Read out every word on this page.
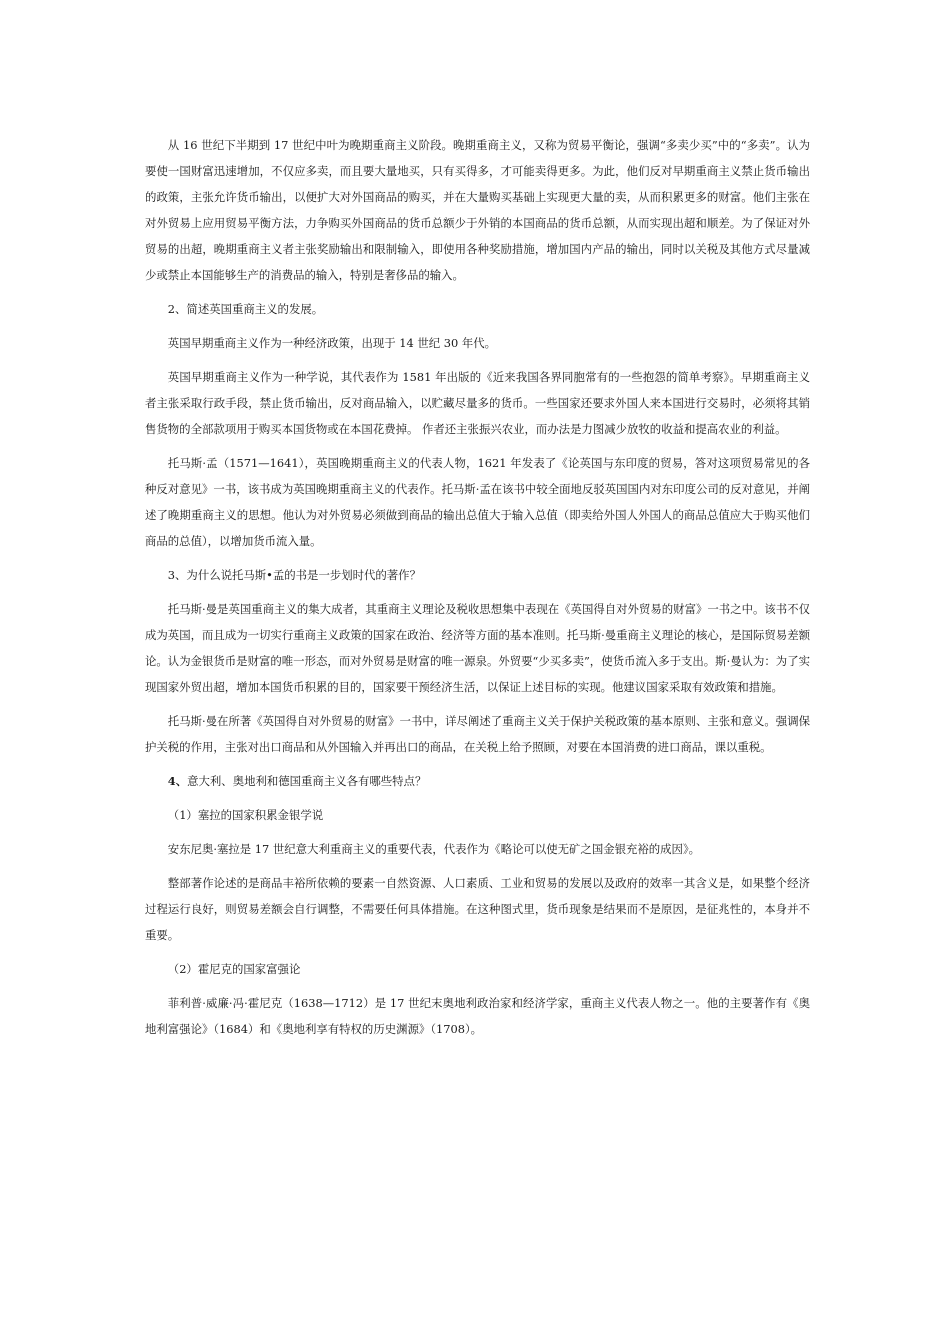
从 16 世纪下半期到 17 世纪中叶为晚期重商主义阶段。晚期重商主义，又称为贸易平衡论，强调“多卖少买”中的“多卖”。认为要使一国财富迅速增加，不仅应多卖，而且要大量地买，只有买得多，才可能卖得更多。为此，他们反对早期重商主义禁止货币输出的政策，主张允许货币输出，以便扩大对外国商品的购买，并在大量购买基础上实现更大量的卖，从而积累更多的财富。他们主张在对外贸易上应用贸易平衡方法，力争购买外国商品的货币总额少于外销的本国商品的货币总额，从而实现出超和顺差。为了保证对外贸易的出超，晚期重商主义者主张奖励输出和限制输入，即使用各种奖励措施，增加国内产品的输出，同时以关税及其他方式尽量减少或禁止本国能够生产的消费品的输入，特别是奢侈品的输入。

2、简述英国重商主义的发展。

英国早期重商主义作为一种经济政策，出现于 14 世纪 30 年代。

英国早期重商主义作为一种学说，其代表作为 1581 年出版的《近来我国各界同胞常有的一些抱怨的简单考察》。早期重商主义者主张采取行政手段，禁止货币输出，反对商品输入，以贮藏尽量多的货币。一些国家还要求外国人来本国进行交易时，必须将其销售货物的全部款项用于购买本国货物或在本国花费掉。 作者还主张振兴农业，而办法是力图减少放牧的收益和提高农业的利益。

托马斯·孟（1571—1641），英国晚期重商主义的代表人物，1621 年发表了《论英国与东印度的贸易，答对这项贸易常见的各种反对意见》一书，该书成为英国晚期重商主义的代表作。托马斯·孟在该书中较全面地反驳英国国内对东印度公司的反对意见，并阐述了晚期重商主义的思想。他认为对外贸易必须做到商品的输出总值大于输入总值（即卖给外国人外国人的商品总值应大于购买他们商品的总值），以增加货币流入量。

3、为什么说托马斯•孟的书是一步划时代的著作？

托马斯·曼是英国重商主义的集大成者，其重商主义理论及税收思想集中表现在《英国得自对外贸易的财富》一书之中。该书不仅成为英国，而且成为一切实行重商主义政策的国家在政治、经济等方面的基本准则。托马斯·曼重商主义理论的核心，是国际贸易差额论。认为金银货币是财富的唯一形态，而对外贸易是财富的唯一源泉。外贸要“少买多卖”，使货币流入多于支出。斯·曼认为：为了实现国家外贸出超，增加本国货币积累的目的，国家要干预经济生活，以保证上述目标的实现。他建议国家采取有效政策和措施。

托马斯·曼在所著《英国得自对外贸易的财富》一书中，详尽阐述了重商主义关于保护关税政策的基本原则、主张和意义。强调保护关税的作用，主张对出口商品和从外国输入并再出口的商品，在关税上给予照顾，对要在本国消费的进口商品，课以重税。

4、意大利、奥地利和德国重商主义各有哪些特点？

（1）塞拉的国家积累金银学说

安东尼奥·塞拉是 17 世纪意大利重商主义的重要代表，代表作为《略论可以使无矿之国金银充裕的成因》。

整部著作论述的是商品丰裕所依赖的要素一自然资源、人口素质、工业和贸易的发展以及政府的效率一其含义是，如果整个经济过程运行良好，则贸易差额会自行调整，不需要任何具体措施。在这种图式里，货币现象是结果而不是原因，是征兆性的，本身并不重要。

（2）霍尼克的国家富强论

菲利普·威廉·冯·霍尼克（1638—1712）是 17 世纪末奥地利政治家和经济学家，重商主义代表人物之一。他的主要著作有《奥地利富强论》（1684）和《奥地利享有特权的历史渊源》（1708）。
